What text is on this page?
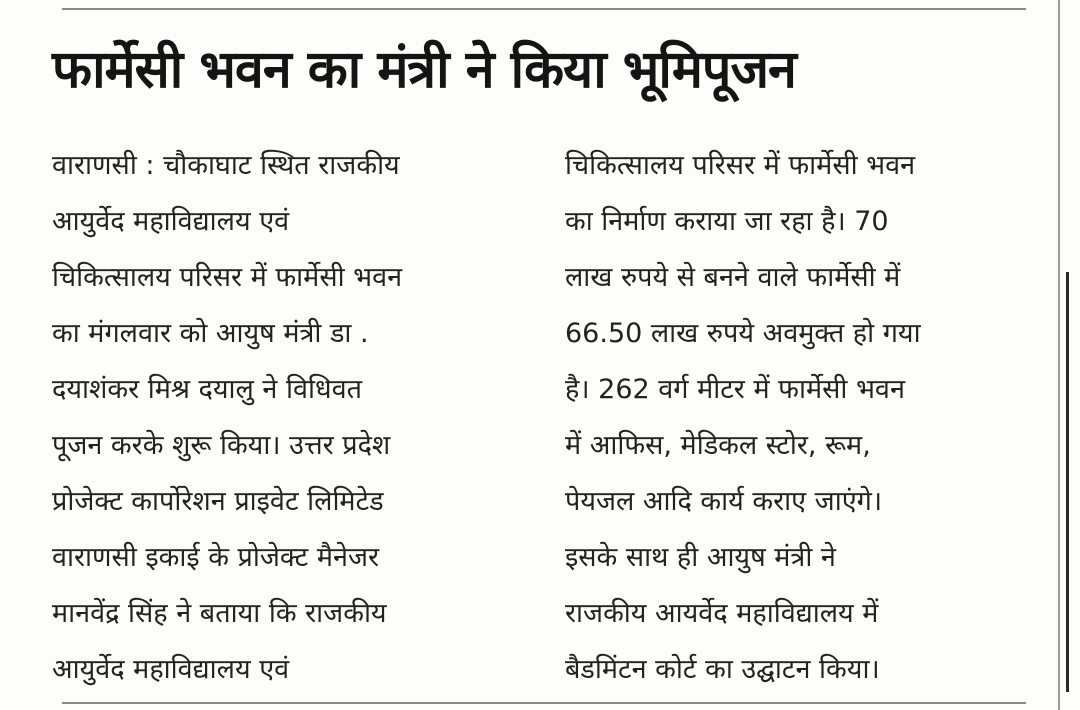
फार्मेसी भवन का मंत्री ने किया भूमिपूजन
वाराणसी : चौकाघाट स्थित राजकीय
आयुर्वेद महाविद्यालय एवं
चिकित्सालय परिसर में फार्मेसी भवन
का मंगलवार को आयुष मंत्री डा .
दयाशंकर मिश्र दयालु ने विधिवत
पूजन करके शुरू किया। उत्तर प्रदेश
प्रोजेक्ट कार्पोरेशन प्राइवेट लिमिटेड
वाराणसी इकाई के प्रोजेक्ट मैनेजर
मानवेंद्र सिंह ने बताया कि राजकीय
आयुर्वेद महाविद्यालय एवं
चिकित्सालय परिसर में फार्मेसी भवन
का निर्माण कराया जा रहा है। 70
लाख रुपये से बनने वाले फार्मेसी में
66.50 लाख रुपये अवमुक्त हो गया
है। 262 वर्ग मीटर में फार्मेसी भवन
में आफिस, मेडिकल स्टोर, रूम,
पेयजल आदि कार्य कराए जाएंगे।
इसके साथ ही आयुष मंत्री ने
राजकीय आयर्वेद महाविद्यालय में
बैडमिंटन कोर्ट का उद्घाटन किया।
